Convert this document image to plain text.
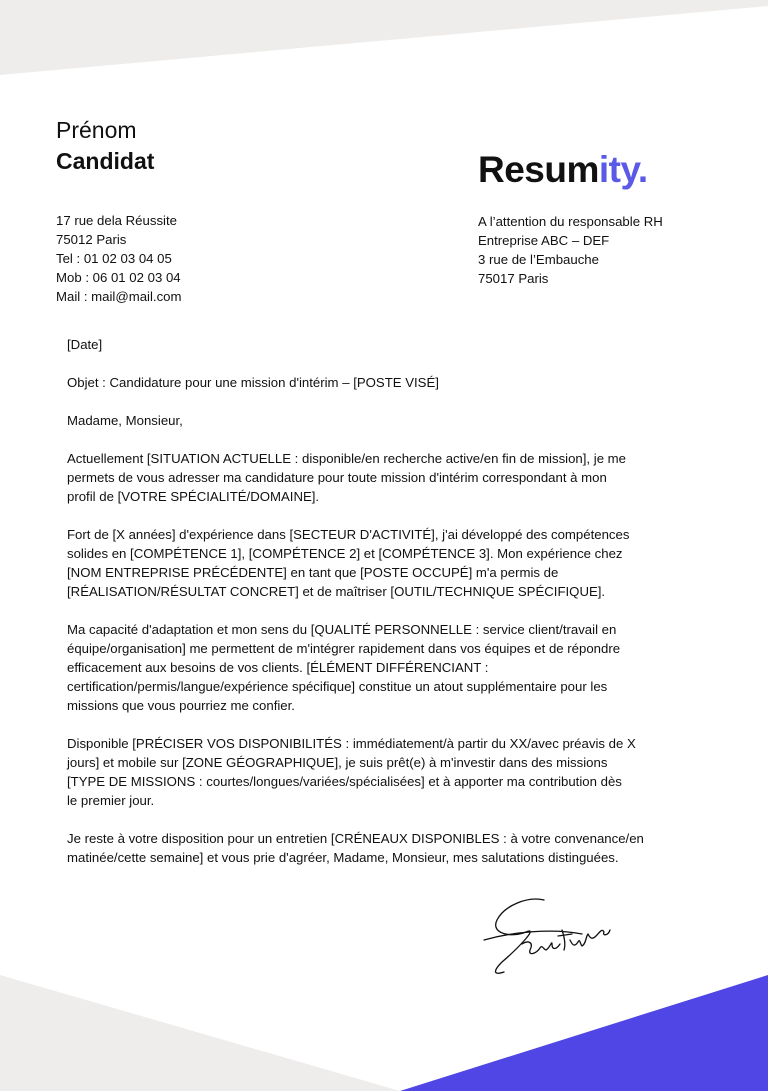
Prénom
Candidat	Resumity.
17 rue dela Réussite
75012 Paris
Tel : 01 02 03 04 05
Mob : 06 01 02 03 04
Mail : mail@mail.com
A l’attention du responsable RH
Entreprise ABC – DEF
3 rue de l’Embauche
75017 Paris
[Date]
Objet : Candidature pour une mission d'intérim – [POSTE VISÉ]
Madame, Monsieur,
Actuellement [SITUATION ACTUELLE : disponible/en recherche active/en fin de mission], je me
permets de vous adresser ma candidature pour toute mission d'intérim correspondant à mon
profil de [VOTRE SPÉCIALITÉ/DOMAINE].
Fort de [X années] d'expérience dans [SECTEUR D'ACTIVITÉ], j'ai développé des compétences
solides en [COMPÉTENCE 1], [COMPÉTENCE 2] et [COMPÉTENCE 3]. Mon expérience chez
[NOM ENTREPRISE PRÉCÉDENTE] en tant que [POSTE OCCUPÉ] m'a permis de
[RÉALISATION/RÉSULTAT CONCRET] et de maîtriser [OUTIL/TECHNIQUE SPÉCIFIQUE].
Ma capacité d'adaptation et mon sens du [QUALITÉ PERSONNELLE : service client/travail en
équipe/organisation] me permettent de m'intégrer rapidement dans vos équipes et de répondre
efficacement aux besoins de vos clients. [ÉLÉMENT DIFFÉRENCIANT :
certification/permis/langue/expérience spécifique] constitue un atout supplémentaire pour les
missions que vous pourriez me confier.
Disponible [PRÉCISER VOS DISPONIBILITÉS : immédiatement/à partir du XX/avec préavis de X
jours] et mobile sur [ZONE GÉOGRAPHIQUE], je suis prêt(e) à m'investir dans des missions
[TYPE DE MISSIONS : courtes/longues/variées/spécialisées] et à apporter ma contribution dès
le premier jour.
Je reste à votre disposition pour un entretien [CRÉNEAUX DISPONIBLES : à votre convenance/en
matinée/cette semaine] et vous prie d'agréer, Madame, Monsieur, mes salutations distinguées.
